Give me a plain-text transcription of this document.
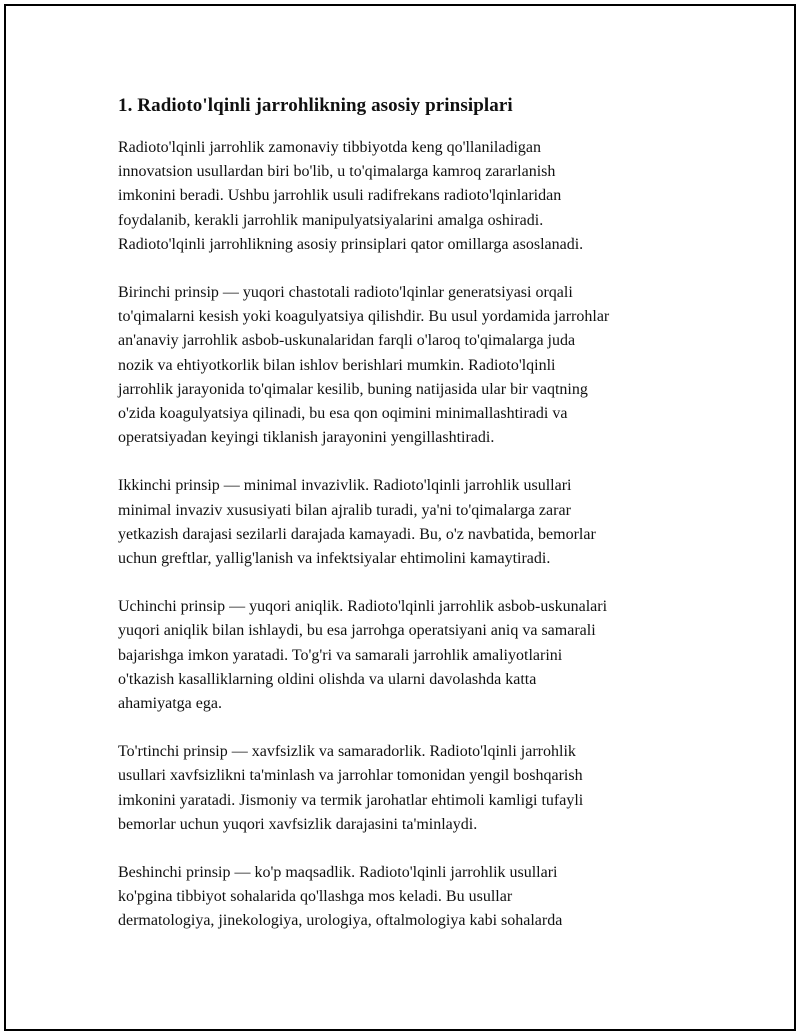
1. Radioto'lqinli jarrohlikning asosiy prinsiplari

Radioto'lqinli jarrohlik zamonaviy tibbiyotda keng qo'llaniladigan
innovatsion usullardan biri bo'lib, u to'qimalarga kamroq zararlanish
imkonini beradi. Ushbu jarrohlik usuli radifrekans radioto'lqinlaridan
foydalanib, kerakli jarrohlik manipulyatsiyalarini amalga oshiradi.
Radioto'lqinli jarrohlikning asosiy prinsiplari qator omillarga asoslanadi.

Birinchi prinsip — yuqori chastotali radioto'lqinlar generatsiyasi orqali
to'qimalarni kesish yoki koagulyatsiya qilishdir. Bu usul yordamida jarrohlar
an'anaviy jarrohlik asbob-uskunalaridan farqli o'laroq to'qimalarga juda
nozik va ehtiyotkorlik bilan ishlov berishlari mumkin. Radioto'lqinli
jarrohlik jarayonida to'qimalar kesilib, buning natijasida ular bir vaqtning
o'zida koagulyatsiya qilinadi, bu esa qon oqimini minimallashtiradi va
operatsiyadan keyingi tiklanish jarayonini yengillashtiradi.

Ikkinchi prinsip — minimal invazivlik. Radioto'lqinli jarrohlik usullari
minimal invaziv xususiyati bilan ajralib turadi, ya'ni to'qimalarga zarar
yetkazish darajasi sezilarli darajada kamayadi. Bu, o'z navbatida, bemorlar
uchun greftlar, yallig'lanish va infektsiyalar ehtimolini kamaytiradi.

Uchinchi prinsip — yuqori aniqlik. Radioto'lqinli jarrohlik asbob-uskunalari
yuqori aniqlik bilan ishlaydi, bu esa jarrohga operatsiyani aniq va samarali
bajarishga imkon yaratadi. To'g'ri va samarali jarrohlik amaliyotlarini
o'tkazish kasalliklarning oldini olishda va ularni davolashda katta
ahamiyatga ega.

To'rtinchi prinsip — xavfsizlik va samaradorlik. Radioto'lqinli jarrohlik
usullari xavfsizlikni ta'minlash va jarrohlar tomonidan yengil boshqarish
imkonini yaratadi. Jismoniy va termik jarohatlar ehtimoli kamligi tufayli
bemorlar uchun yuqori xavfsizlik darajasini ta'minlaydi.

Beshinchi prinsip — ko'p maqsadlik. Radioto'lqinli jarrohlik usullari
ko'pgina tibbiyot sohalarida qo'llashga mos keladi. Bu usullar
dermatologiya, jinekologiya, urologiya, oftalmologiya kabi sohalarda
